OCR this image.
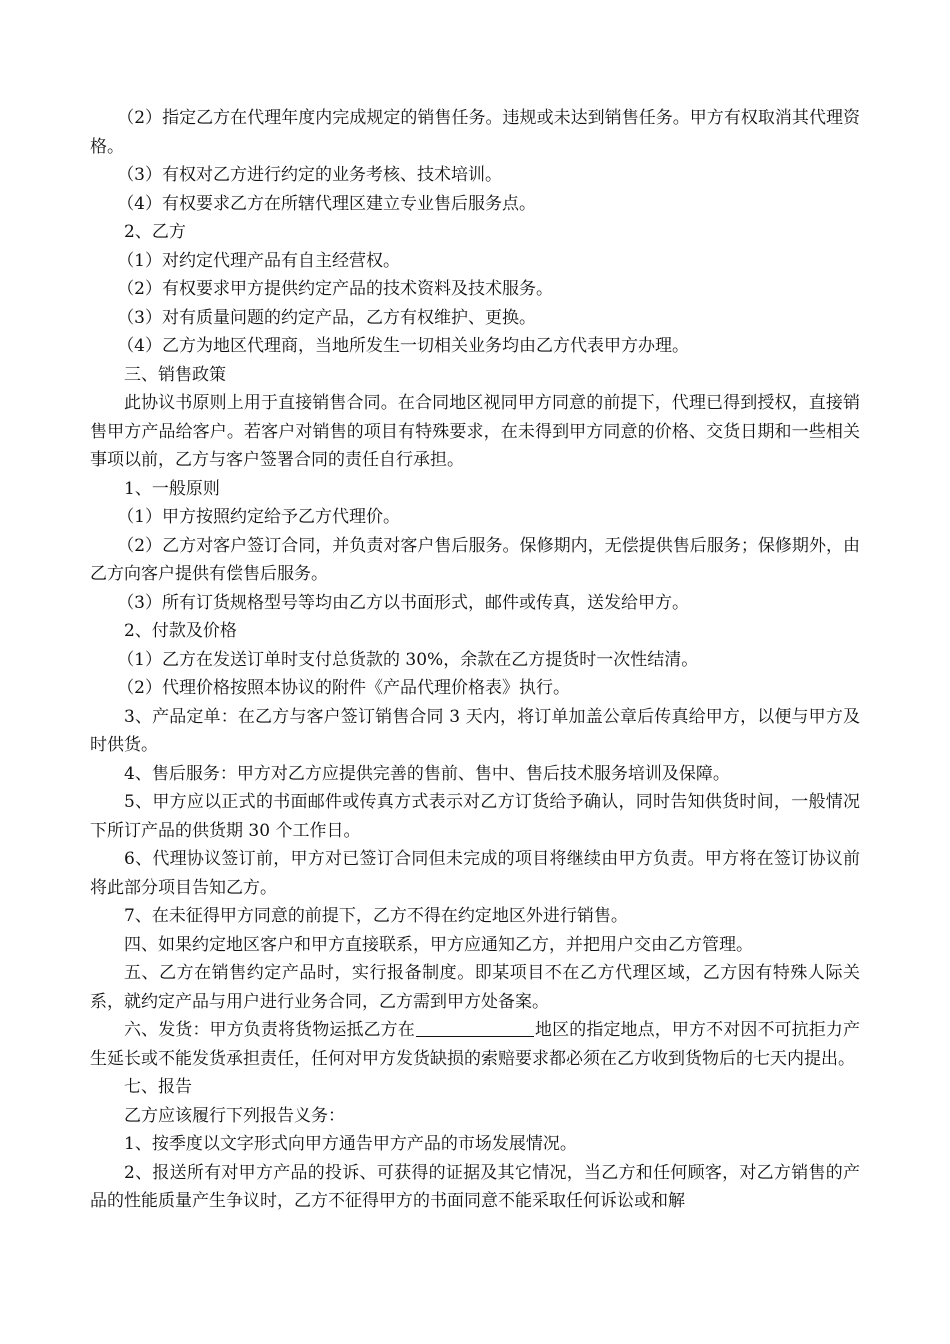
（2）指定乙方在代理年度内完成规定的销售任务。违规或未达到销售任务。甲方有权取消其代理资格。

（3）有权对乙方进行约定的业务考核、技术培训。

（4）有权要求乙方在所辖代理区建立专业售后服务点。

2、乙方

（1）对约定代理产品有自主经营权。

（2）有权要求甲方提供约定产品的技术资料及技术服务。

（3）对有质量问题的约定产品，乙方有权维护、更换。

（4）乙方为地区代理商，当地所发生一切相关业务均由乙方代表甲方办理。

三、销售政策

此协议书原则上用于直接销售合同。在合同地区视同甲方同意的前提下，代理已得到授权，直接销售甲方产品给客户。若客户对销售的项目有特殊要求，在未得到甲方同意的价格、交货日期和一些相关事项以前，乙方与客户签署合同的责任自行承担。

1、一般原则

（1）甲方按照约定给予乙方代理价。

（2）乙方对客户签订合同，并负责对客户售后服务。保修期内，无偿提供售后服务；保修期外，由乙方向客户提供有偿售后服务。

（3）所有订货规格型号等均由乙方以书面形式，邮件或传真，送发给甲方。

2、付款及价格

（1）乙方在发送订单时支付总货款的 30%，余款在乙方提货时一次性结清。

（2）代理价格按照本协议的附件《产品代理价格表》执行。

3、产品定单：在乙方与客户签订销售合同 3 天内，将订单加盖公章后传真给甲方，以便与甲方及时供货。

4、售后服务：甲方对乙方应提供完善的售前、售中、售后技术服务培训及保障。

5、甲方应以正式的书面邮件或传真方式表示对乙方订货给予确认，同时告知供货时间，一般情况下所订产品的供货期 30 个工作日。

6、代理协议签订前，甲方对已签订合同但未完成的项目将继续由甲方负责。甲方将在签订协议前将此部分项目告知乙方。

7、在未征得甲方同意的前提下，乙方不得在约定地区外进行销售。

四、如果约定地区客户和甲方直接联系，甲方应通知乙方，并把用户交由乙方管理。

五、乙方在销售约定产品时，实行报备制度。即某项目不在乙方代理区域，乙方因有特殊人际关系，就约定产品与用户进行业务合同，乙方需到甲方处备案。

六、发货：甲方负责将货物运抵乙方在	地区的指定地点，甲方不对因不可抗拒力产生延长或不能发货承担责任，任何对甲方发货缺损的索赔要求都必须在乙方收到货物后的七天内提出。

七、报告

乙方应该履行下列报告义务：

1、按季度以文字形式向甲方通告甲方产品的市场发展情况。

2、报送所有对甲方产品的投诉、可获得的证据及其它情况，当乙方和任何顾客，对乙方销售的产品的性能质量产生争议时，乙方不征得甲方的书面同意不能采取任何诉讼或和解
